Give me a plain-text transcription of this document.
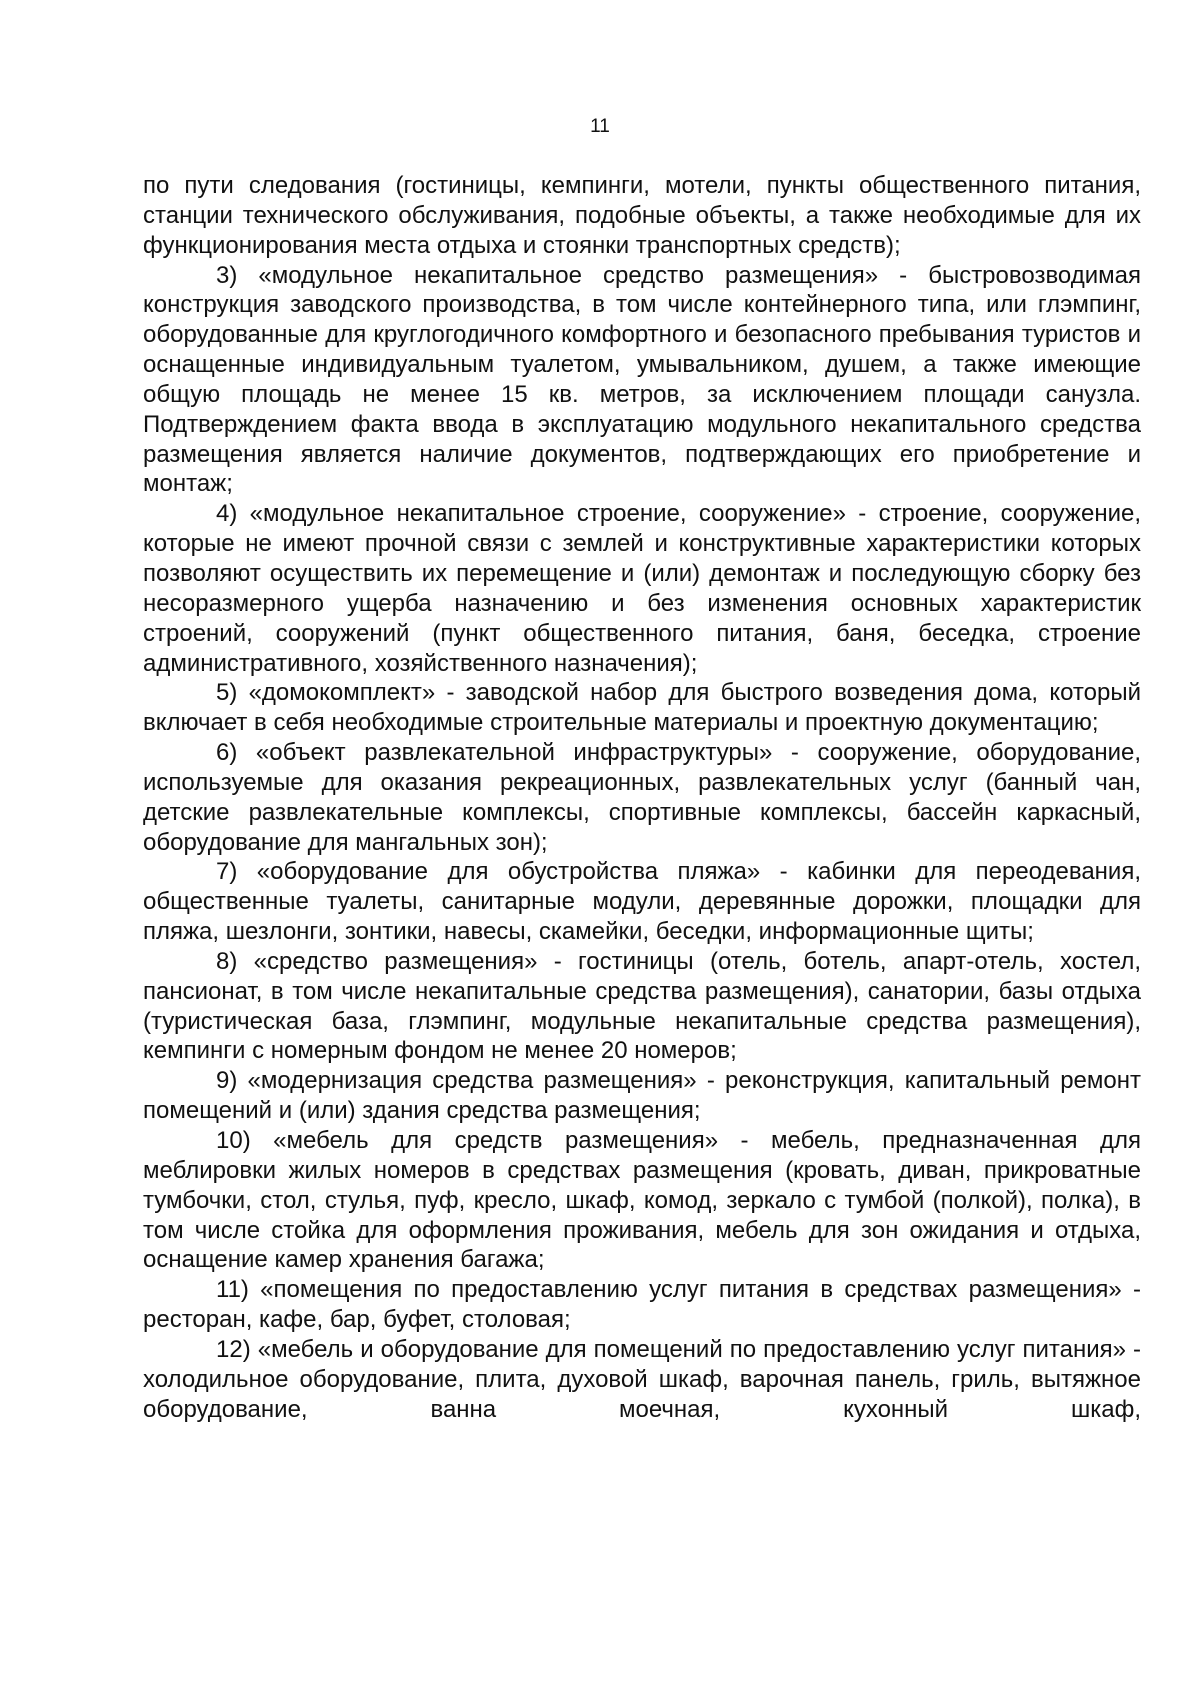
11

по пути следования (гостиницы, кемпинги, мотели, пункты общественного питания, станции технического обслуживания, подобные объекты, а также необходимые для их функционирования места отдыха и стоянки транспортных средств);

3) «модульное некапитальное средство размещения» - быстровозводимая конструкция заводского производства, в том числе контейнерного типа, или глэмпинг, оборудованные для круглогодичного комфортного и безопасного пребывания туристов и оснащенные индивидуальным туалетом, умывальником, душем, а также имеющие общую площадь не менее 15 кв. метров, за исключением площади санузла. Подтверждением факта ввода в эксплуатацию модульного некапитального средства размещения является наличие документов, подтверждающих его приобретение и монтаж;

4) «модульное некапитальное строение, сооружение» - строение, сооружение, которые не имеют прочной связи с землей и конструктивные характеристики которых позволяют осуществить их перемещение и (или) демонтаж и последующую сборку без несоразмерного ущерба назначению и без изменения основных характеристик строений, сооружений (пункт общественного питания, баня, беседка, строение административного, хозяйственного назначения);

5) «домокомплект» - заводской набор для быстрого возведения дома, который включает в себя необходимые строительные материалы и проектную документацию;

6) «объект развлекательной инфраструктуры» - сооружение, оборудование, используемые для оказания рекреационных, развлекательных услуг (банный чан, детские развлекательные комплексы, спортивные комплексы, бассейн каркасный, оборудование для мангальных зон);

7) «оборудование для обустройства пляжа» - кабинки для переодевания, общественные туалеты, санитарные модули, деревянные дорожки, площадки для пляжа, шезлонги, зонтики, навесы, скамейки, беседки, информационные щиты;

8) «средство размещения» - гостиницы (отель, ботель, апарт-отель, хостел, пансионат, в том числе некапитальные средства размещения), санатории, базы отдыха (туристическая база, глэмпинг, модульные некапитальные средства размещения), кемпинги с номерным фондом не менее 20 номеров;

9) «модернизация средства размещения» - реконструкция, капитальный ремонт помещений и (или) здания средства размещения;

10) «мебель для средств размещения» - мебель, предназначенная для меблировки жилых номеров в средствах размещения (кровать, диван, прикроватные тумбочки, стол, стулья, пуф, кресло, шкаф, комод, зеркало с тумбой (полкой), полка), в том числе стойка для оформления проживания, мебель для зон ожидания и отдыха, оснащение камер хранения багажа;

11) «помещения по предоставлению услуг питания в средствах размещения» - ресторан, кафе, бар, буфет, столовая;

12) «мебель и оборудование для помещений по предоставлению услуг питания» - холодильное оборудование, плита, духовой шкаф, варочная панель, гриль, вытяжное оборудование, ванна моечная, кухонный шкаф,
